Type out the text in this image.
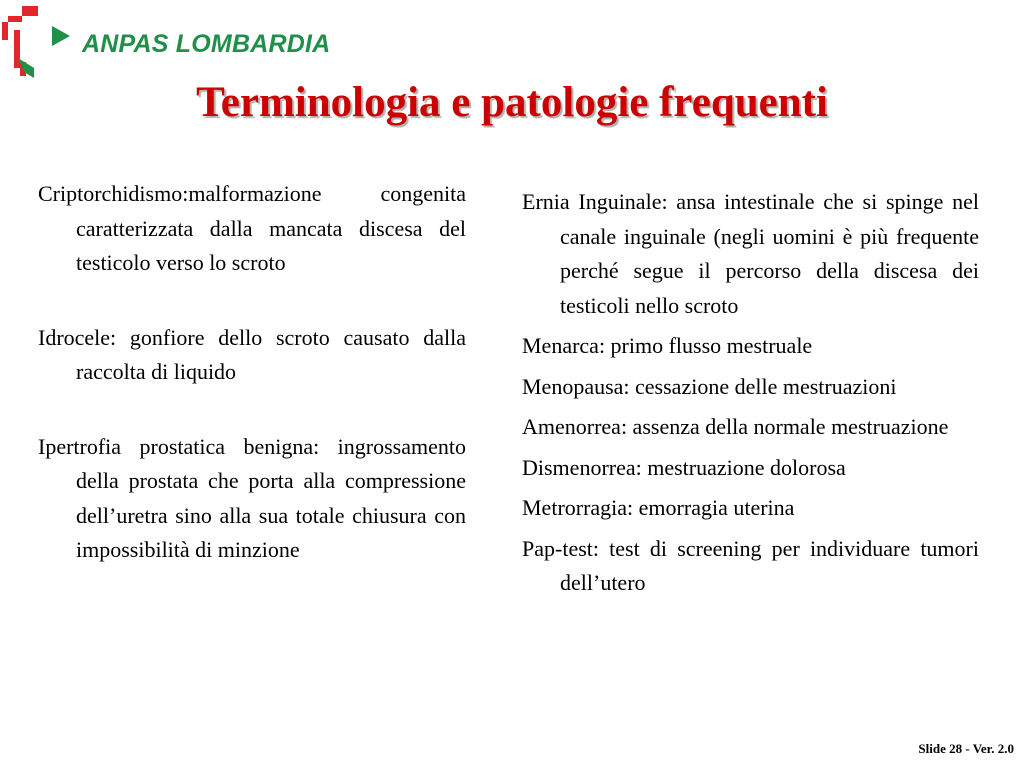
ANPAS LOMBARDIA
Terminologia e patologie frequenti
Criptorchidismo:malformazione congenita caratterizzata dalla mancata discesa del testicolo verso lo scroto
Idrocele: gonfiore dello scroto causato dalla raccolta di liquido
Ipertrofia prostatica benigna: ingrossamento della prostata che porta alla compressione dell’uretra sino alla sua totale chiusura con impossibilità di minzione
Ernia Inguinale: ansa intestinale che si spinge nel canale inguinale (negli uomini è più frequente perché segue il percorso della discesa dei testicoli nello scroto
Menarca: primo flusso mestruale
Menopausa: cessazione delle mestruazioni
Amenorrea: assenza della normale mestruazione
Dismenorrea: mestruazione dolorosa
Metrorragia: emorragia uterina
Pap-test: test di screening per individuare tumori dell’utero
Slide 28 - Ver. 2.0
